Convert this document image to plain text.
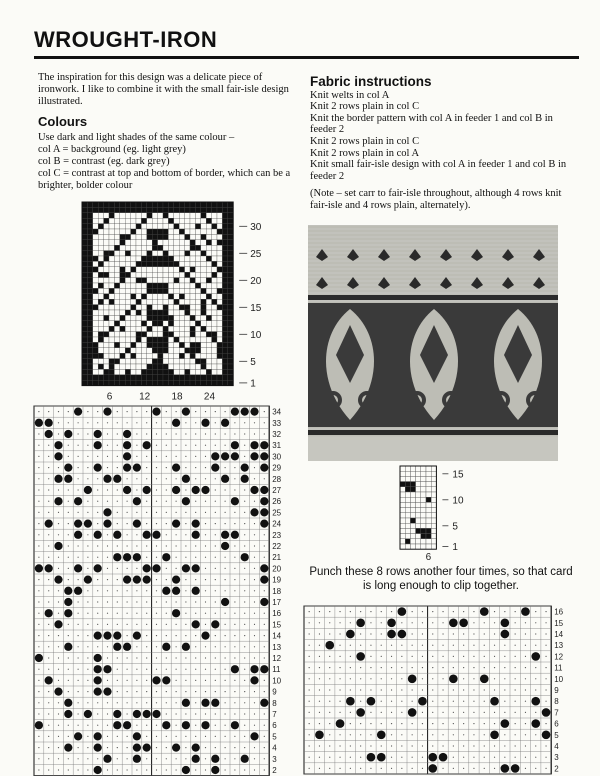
WROUGHT-IRON

The inspiration for this design was a delicate piece of ironwork. I like to combine it with the small fair-isle design illustrated.

Colours
Use dark and light shades of the same colour –
col A = background (eg. light grey)
col B = contrast (eg. dark grey)
col C = contrast at top and bottom of border, which can be a brighter, bolder colour
Fabric instructions
Knit welts in col A
Knit 2 rows plain in col C
Knit the border pattern with col A in feeder 1 and col B in feeder 2
Knit 2 rows plain in col C
Knit 2 rows plain in col A
Knit small fair-isle design with col A in feeder 1 and col B in feeder 2

(Note – set carr to fair-isle throughout, although 4 rows knit fair-isle and 4 rows plain, alternately).

1
5
10
15
20
25
30
6	12 18 24
1
5
10
15
6
Punch these 8 rows another four times, so that card is long enough to clip together.
34
33
32
31
30
29
28
27
26
25
24
23
22
21
20
19
18
17
16
15
14
13
12
11
10
9
8
7
6
5
4
3
2
16
15
14
13
12
11
10
9
8
7
6
5
4
3
2
